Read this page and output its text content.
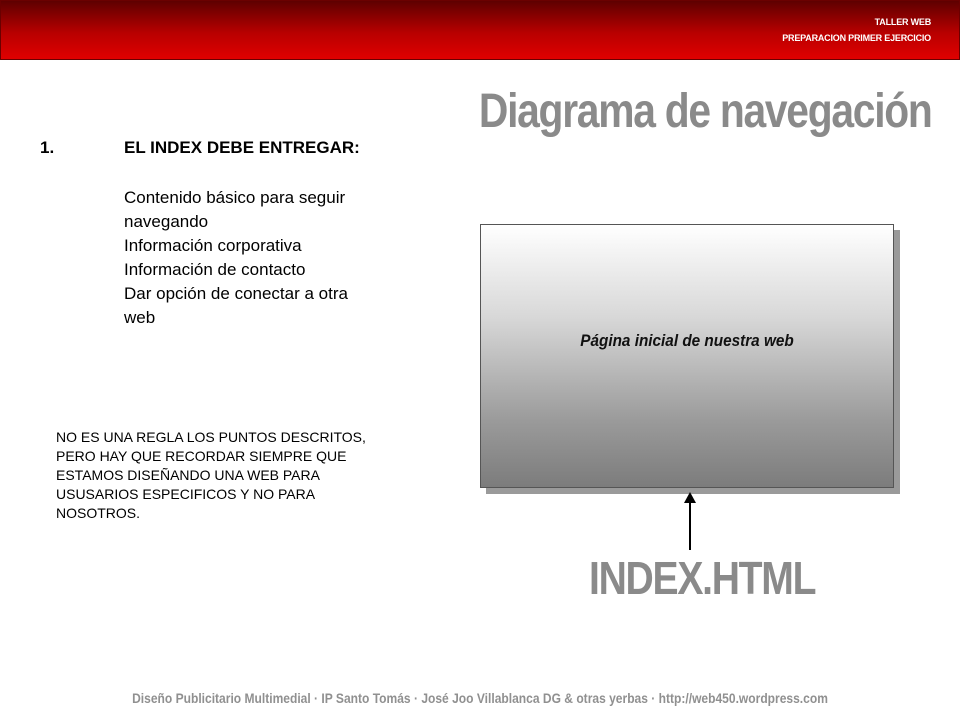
TALLER WEB
PREPARACION PRIMER EJERCICIO
Diagrama de navegación
1.	EL INDEX DEBE ENTREGAR:
Contenido básico para seguir
navegando
Información corporativa
Información de contacto
Dar opción de conectar a otra
web
NO ES UNA REGLA LOS PUNTOS DESCRITOS,
PERO HAY QUE RECORDAR SIEMPRE QUE
ESTAMOS DISEÑANDO UNA WEB PARA
USUSARIOS ESPECIFICOS Y NO PARA
NOSOTROS.
Página inicial de nuestra web
INDEX.HTML
Diseño Publicitario Multimedial · IP Santo Tomás · José Joo Villablanca DG & otras yerbas · http://web450.wordpress.com
